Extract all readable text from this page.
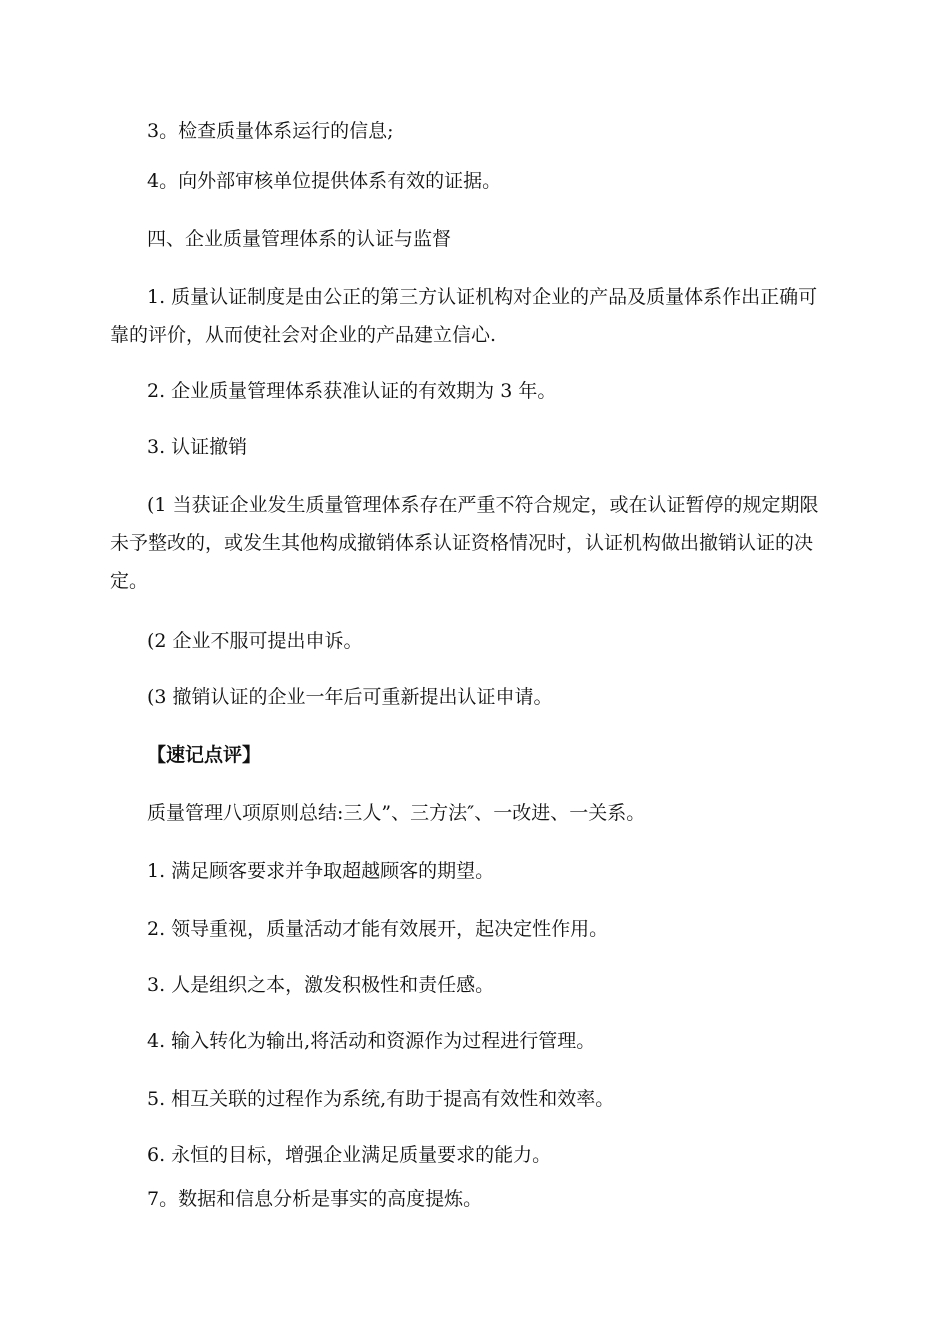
3。检查质量体系运行的信息;
4。向外部审核单位提供体系有效的证据。
四、企业质量管理体系的认证与监督
1. 质量认证制度是由公正的第三方认证机构对企业的产品及质量体系作出正确可
靠的评价，从而使社会对企业的产品建立信心.
2. 企业质量管理体系获准认证的有效期为 3 年。
3. 认证撤销
(1 当获证企业发生质量管理体系存在严重不符合规定，或在认证暂停的规定期限
未予整改的，或发生其他构成撤销体系认证资格情况时，认证机构做出撤销认证的决
定。
(2 企业不服可提出申诉。
(3 撤销认证的企业一年后可重新提出认证申请。
【速记点评】
质量管理八项原则总结:三人”、三方法″、一改进、一关系。
1. 满足顾客要求并争取超越顾客的期望。
2. 领导重视，质量活动才能有效展开，起决定性作用。
3. 人是组织之本，激发积极性和责任感。
4. 输入转化为输出,将活动和资源作为过程进行管理。
5. 相互关联的过程作为系统,有助于提高有效性和效率。
6. 永恒的目标，增强企业满足质量要求的能力。
7。数据和信息分析是事实的高度提炼。
